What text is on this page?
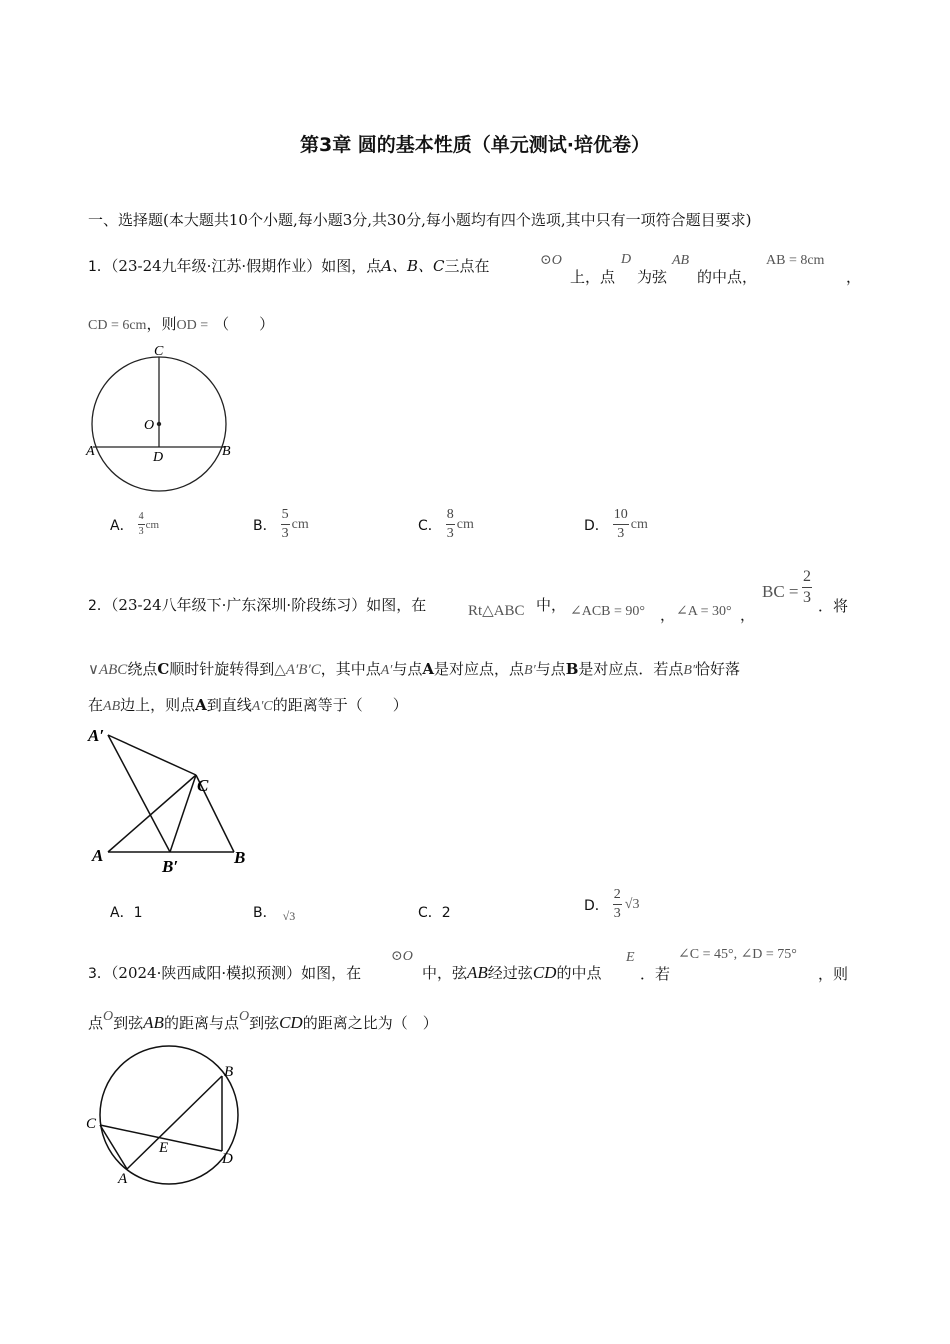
第3章 圆的基本性质（单元测试·培优卷）
一、选择题(本大题共10个小题,每小题3分,共30分,每小题均有四个选项,其中只有一项符合题目要求)
1．（23-24九年级·江苏·假期作业）如图，点A、B、C三点在	⊙O
上，点
D
为弦
AB
的中点，
AB = 8cm
，
CD = 6cm，则OD = （　　）
C
O
A	D	B
A． $\frac{4}{3}$ cm	B． $\frac{5}{3}$ cm	C． $\frac{8}{3}$ cm	D． $\frac{10}{3}$ cm
2．（23-24八年级下·广东深圳·阶段练习）如图，在	Rt△ABC 中， ∠ACB = 90° ， ∠A = 30° ，
BC = $\frac{2}{3}$ ．将
∨ABC绕点C顺时针旋转得到△A′B′C，其中点A′与点A是对应点，点B′与点B是对应点．若点B′恰好落
在AB边上，则点A到直线A′C的距离等于（　　）
A′
C
A
B′	B
A．1	B． $_{√3}$	C．2	D． $\frac{2}{3} √3$
3．（2024·陕西咸阳·模拟预测）如图，在
⊙O
中，弦AB经过弦CD的中点
E
．若
∠C = 45°, ∠D = 75°
，则
点O到弦AB的距离与点O到弦CD的距离之比为（　）
B
C
E
D
A
